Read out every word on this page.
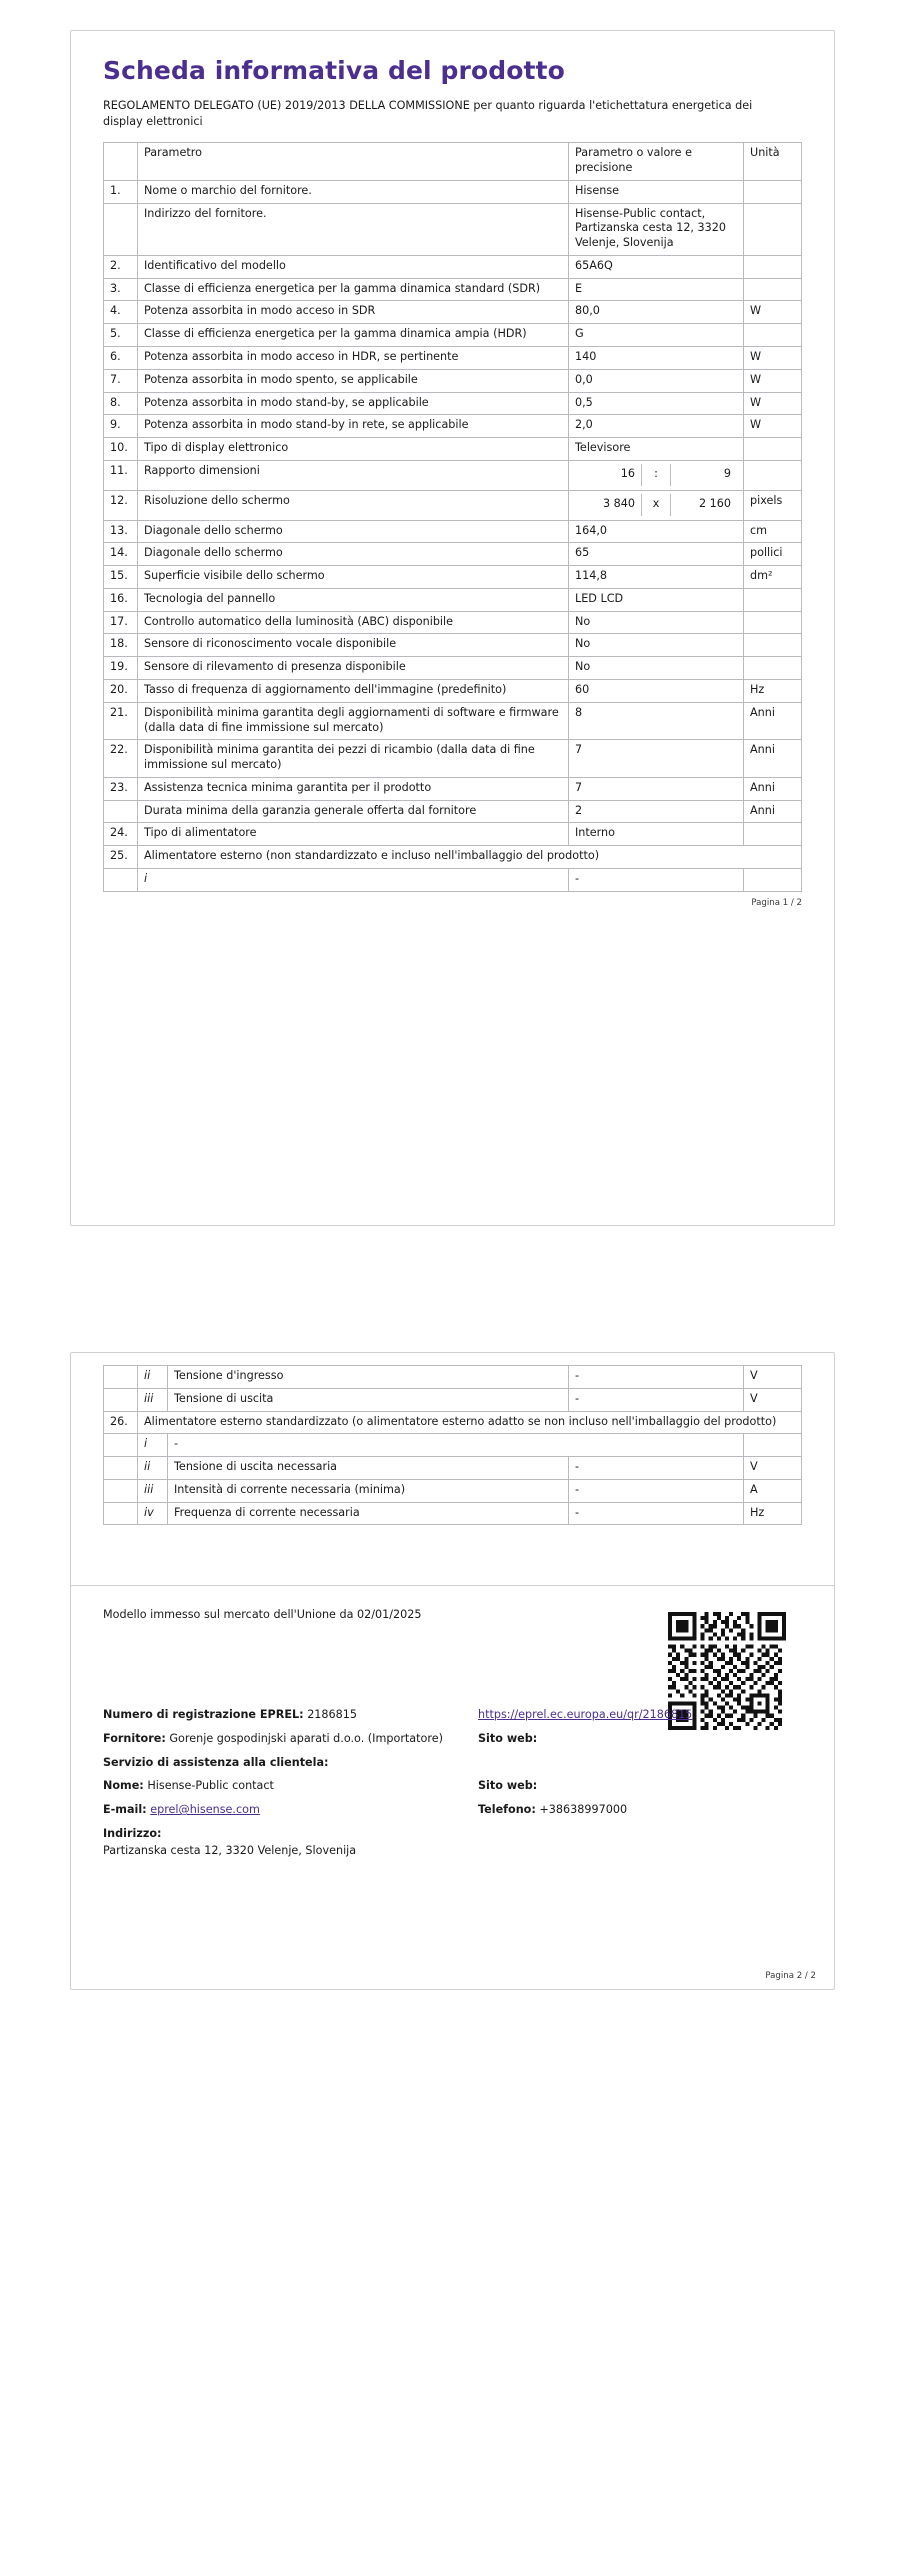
Scheda informativa del prodotto

REGOLAMENTO DELEGATO (UE) 2019/2013 DELLA COMMISSIONE per quanto riguarda l'etichettatura energetica dei display elettronici

	Parametro	Parametro o valore e precisione	Unità
1.	Nome o marchio del fornitore.	Hisense	
	Indirizzo del fornitore.	Hisense-Public contact, Partizanska cesta 12, 3320 Velenje, Slovenija	
2.	Identificativo del modello	65A6Q	
3.	Classe di efficienza energetica per la gamma dinamica standard (SDR)	E	
4.	Potenza assorbita in modo acceso in SDR	80,0	W
5.	Classe di efficienza energetica per la gamma dinamica ampia (HDR)	G	
6.	Potenza assorbita in modo acceso in HDR, se pertinente	140	W
7.	Potenza assorbita in modo spento, se applicabile	0,0	W
8.	Potenza assorbita in modo stand-by, se applicabile	0,5	W
9.	Potenza assorbita in modo stand-by in rete, se applicabile	2,0	W
10.	Tipo di display elettronico	Televisore	
11.	Rapporto dimensioni	16 : 9	

12.	Risoluzione dello schermo	3 840 x 2 160	pixels
13.	Diagonale dello schermo	164,0	cm
14.	Diagonale dello schermo	65	pollici
15.	Superficie visibile dello schermo	114,8	dm²
16.	Tecnologia del pannello	LED LCD	
17.	Controllo automatico della luminosità (ABC) disponibile	No	
18.	Sensore di riconoscimento vocale disponibile	No	
19.	Sensore di rilevamento di presenza disponibile	No	
20.	Tasso di frequenza di aggiornamento dell'immagine (predefinito)	60	Hz
21.	Disponibilità minima garantita degli aggiornamenti di software e firmware (dalla data di fine immissione sul mercato)	8	Anni
22.	Disponibilità minima garantita dei pezzi di ricambio (dalla data di fine immissione sul mercato)	7	Anni
23.	Assistenza tecnica minima garantita per il prodotto	7	Anni
	Durata minima della garanzia generale offerta dal fornitore	2	Anni
24.	Tipo di alimentatore	Interno	
25.	Alimentatore esterno (non standardizzato e incluso nell'imballaggio del prodotto)		
	i	-	
Pagina 1 / 2
	ii	Tensione d'ingresso	-	V
	iii	Tensione di uscita	-	V
26.	Alimentatore esterno standardizzato (o alimentatore esterno adatto se non incluso nell'imballaggio del prodotto)			
	i	-		
	ii	Tensione di uscita necessaria	-	V
	iii	Intensità di corrente necessaria (minima)	-	A
	iv	Frequenza di corrente necessaria	-	Hz
Modello immesso sul mercato dell'Unione da 02/01/2025
Numero di registrazione EPREL: 2186815	https://eprel.ec.europa.eu/qr/2186815
Fornitore: Gorenje gospodinjski aparati d.o.o. (Importatore)	Sito web:
Servizio di assistenza alla clientela:
Nome: Hisense-Public contact	Sito web:
E-mail: eprel@hisense.com	Telefono: +38638997000
Indirizzo:
Partizanska cesta 12, 3320 Velenje, Slovenija
Pagina 2 / 2
